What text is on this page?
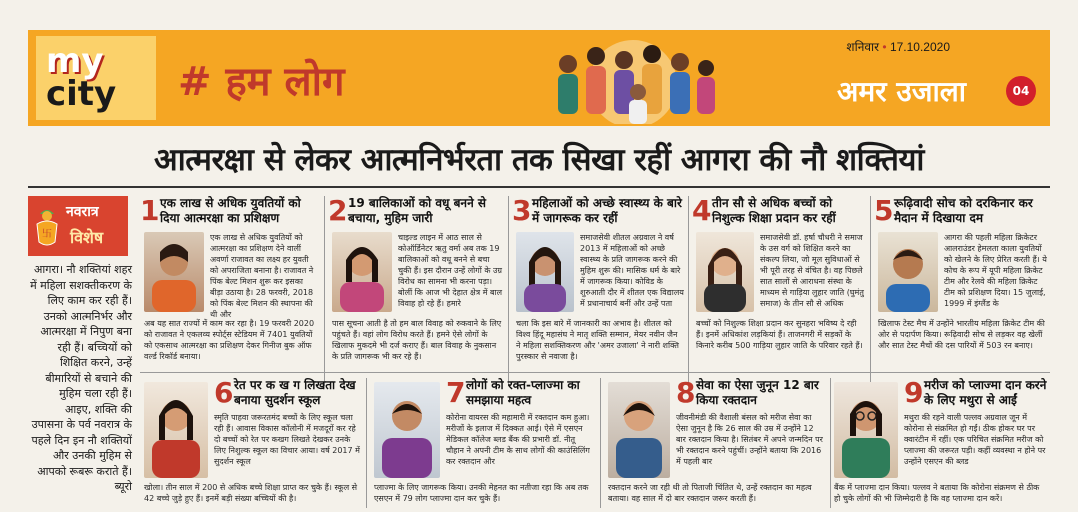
my
city	# हम लोग
शनिवार • 17.10.2020
अमर उजाला	04
आत्मरक्षा से लेकर आत्मनिर्भरता तक सिखा रहीं आगरा की नौ शक्तियां
卐
नवरात्र
विशेष
आगरा। नौ शक्तियां शहर में महिला सशक्तीकरण के लिए काम कर रही हैं। उनको आत्मनिर्भर और आत्मरक्षा में निपुण बना रही हैं। बच्चियों को शिक्षित करने, उन्हें बीमारियों से बचाने की मुहिम चला रही हैं। आइए, शक्ति की उपासना के पर्व नवरात्र के पहले दिन इन नौ शक्तियों और उनकी मुहिम से आपको रूबरू कराते हैं। ब्यूरो
1 एक लाख से अधिक युवतियों को दिया आत्मरक्षा का प्रशिक्षण
एक लाख से अधिक युवतियों को आत्मरक्षा का प्रशिक्षण देने वालीं अवर्णा राजावत का लक्ष्य हर युवती को अपराजिता बनाना है। राजावत ने पिंक बेल्ट मिशन शुरू कर इसका बीड़ा उठाया है। 28 फरवरी, 2018 को पिंक बेल्ट मिशन की स्थापना की थी और
अब यह सात राज्यों में काम कर रहा है। 19 फरवरी 2020 को राजावत ने एकलव्य स्पोर्ट्स स्टेडियम में 7401 युवतियों को एकसाथ आत्मरक्षा का प्रशिक्षण देकर गिनीज बुक ऑफ वर्ल्ड रिकॉर्ड बनाया।
2 19 बालिकाओं को वधू बनने से बचाया, मुहिम जारी
चाइल्ड लाइन में आठ साल से कोऑर्डिनेटर ऋतु वर्मा अब तक 19 बालिकाओं को वधू बनने से बचा चुकी हैं। इस दौरान उन्हें लोगों के उग्र विरोध का सामना भी करना पड़ा। बोलीं कि आज भी देहात क्षेत्र में बाल विवाह हो रहे हैं। हमारे
पास सूचना आती है तो हम बाल विवाह को रुकवाने के लिए पहुंचते हैं। वहां लोग विरोध करते हैं। हमने ऐसे लोगों के खिलाफ मुकदमे भी दर्ज कराए हैं। बाल विवाह के नुकसान के प्रति जागरूक भी कर रहे हैं।
3 महिलाओं को अच्छे स्वास्थ्य के बारे में जागरूक कर रहीं
समाजसेवी शीतल अग्रवाल ने वर्ष 2013 में महिलाओं को अच्छे स्वास्थ्य के प्रति जागरूक करने की मुहिम शुरू की। मासिक धर्म के बारे में जागरूक किया। कोविड के शुरुआती दौर में शीतल एक विद्यालय में प्रधानाचार्य बनीं और उन्हें पता
चला कि इस बारे में जानकारी का अभाव है। शीतल को विश्व हिंदू महासंघ ने मातृ शक्ति सम्मान, मेयर नवीन जैन ने महिला सशक्तिकरण और 'अमर उजाला' ने नारी शक्ति पुरस्कार से नवाजा है।
4 तीन सौ से अधिक बच्चों को निशुल्क शिक्षा प्रदान कर रहीं
समाजसेवी डॉ. हर्षा चौधरी ने समाज के उस वर्ग को शिक्षित करने का संकल्प लिया, जो मूल सुविधाओं से भी पूरी तरह से वंचित है। वह पिछले सात सालों से आराधना संस्था के माध्यम से गाड़िया लुहार जाति (घुमंतु समाज) के तीन सौ से अधिक
बच्चों को निशुल्क शिक्षा प्रदान कर सुनहरा भविष्य दे रही हैं। इनमें अधिकांश लड़कियां हैं। ताजनगरी में सड़कों के किनारे करीब 500 गाड़िया लुहार जाति के परिवार रहते हैं।
5 रूढ़िवादी सोच को दरकिनार कर मैदान में दिखाया दम
आगरा की पहली महिला क्रिकेटर आलराउंडर हेमलता काला युवतियों को खेलने के लिए प्रेरित करती हैं। ये कोच के रूप में यूपी महिला क्रिकेट टीम और रेलवे की महिला क्रिकेट टीम को प्रशिक्षण दिया। 15 जुलाई, 1999 में इंग्लैंड के
खिलाफ टेस्ट मैच में उन्होंने भारतीय महिला क्रिकेट टीम की ओर से पदार्पण किया। रूढ़िवादी सोच से लड़कर वह खेलीं और सात टेस्ट मैचों की दस पारियों में 503 रन बनाए।
6 रेत पर क ख ग लिखता देख बनाया सुदर्शन स्कूल
स्मृति पाहवा जरूरतमंद बच्चों के लिए स्कूल चला रही हैं। आवास विकास कॉलोनी में मजदूरों कर रहे दो बच्चों को रेत पर कखग लिखते देखकर उनके लिए निशुल्क स्कूल का विचार आया। वर्ष 2017 में सुदर्शन स्कूल
खोला। तीन साल में 200 से अधिक बच्चे शिक्षा प्राप्त कर चुके हैं। स्कूल से 42 बच्चे जुड़े हुए हैं। इनमें बड़ी संख्या बच्चियों की है।
7 लोगों को रक्त-प्लाज्मा का समझाया महत्व
कोरोना वायरस की महामारी में रक्तदान कम हुआ। मरीजों के इलाज में दिक्कत आई। ऐसे में एसएन मेडिकल कॉलेज ब्लड बैंक की प्रभारी डॉ. नीतू चौहान ने अपनी टीम के साथ लोगों की काउंसिलिंग कर रक्तदान और
प्लाज्मा के लिए जागरूक किया। उनकी मेहनत का नतीजा रहा कि अब तक एसएन में 79 लोग प्लाज्मा दान कर चुके हैं।
8 सेवा का ऐसा जुनून 12 बार किया रक्तदान
जीवनीमंडी की वैशाली बंसल को मरीज सेवा का ऐसा जुनून है कि 26 साल की उम्र में उन्होंने 12 बार रक्तदान किया है। सितंबर में अपने जन्मदिन पर भी रक्तदान करने पहुंचीं। उन्होंने बताया कि 2016 में पहली बार
रक्तदान करने जा रही थी तो पिताजी चिंतित थे, उन्हें रक्तदान का महत्व बताया। वह साल में दो बार रक्तदान जरूर करती हैं।
9 मरीज को प्लाज्मा दान करने के लिए मथुरा से आईं
मथुरा की रहने वाली पल्लव अग्रवाल जून में कोरोना से संक्रमित हो गईं। ठीक होकर घर पर क्वारंटीन में रहीं। एक परिचित संक्रमित मरीज को प्लाज्मा की जरूरत पड़ी। कहीं व्यवस्था न होने पर उन्होंने एसएन की ब्लड
बैंक में प्लाज्मा दान किया। पल्लव ने बताया कि कोरोना संक्रमण से ठीक हो चुके लोगों की भी जिम्मेदारी है कि वह प्लाज्मा दान करें।
